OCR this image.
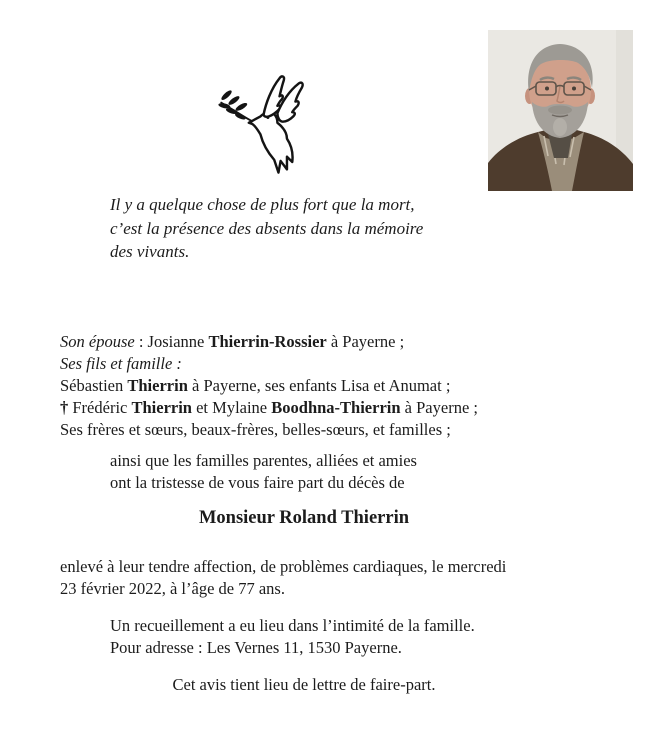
Il y a quelque chose de plus fort que la mort,
c’est la présence des absents dans la mémoire
des vivants.
Son épouse : Josianne Thierrin-Rossier à Payerne ;
Ses fils et famille :
Sébastien Thierrin à Payerne, ses enfants Lisa et Anumat ;
† Frédéric Thierrin et Mylaine Boodhna-Thierrin à Payerne ;
Ses frères et sœurs, beaux-frères, belles-sœurs, et familles ;
ainsi que les familles parentes, alliées et amies
ont la tristesse de vous faire part du décès de
Monsieur Roland Thierrin
enlevé à leur tendre affection, de problèmes cardiaques, le mercredi
23 février 2022, à l’âge de 77 ans.
Un recueillement a eu lieu dans l’intimité de la famille.
Pour adresse : Les Vernes 11, 1530 Payerne.
Cet avis tient lieu de lettre de faire-part.
